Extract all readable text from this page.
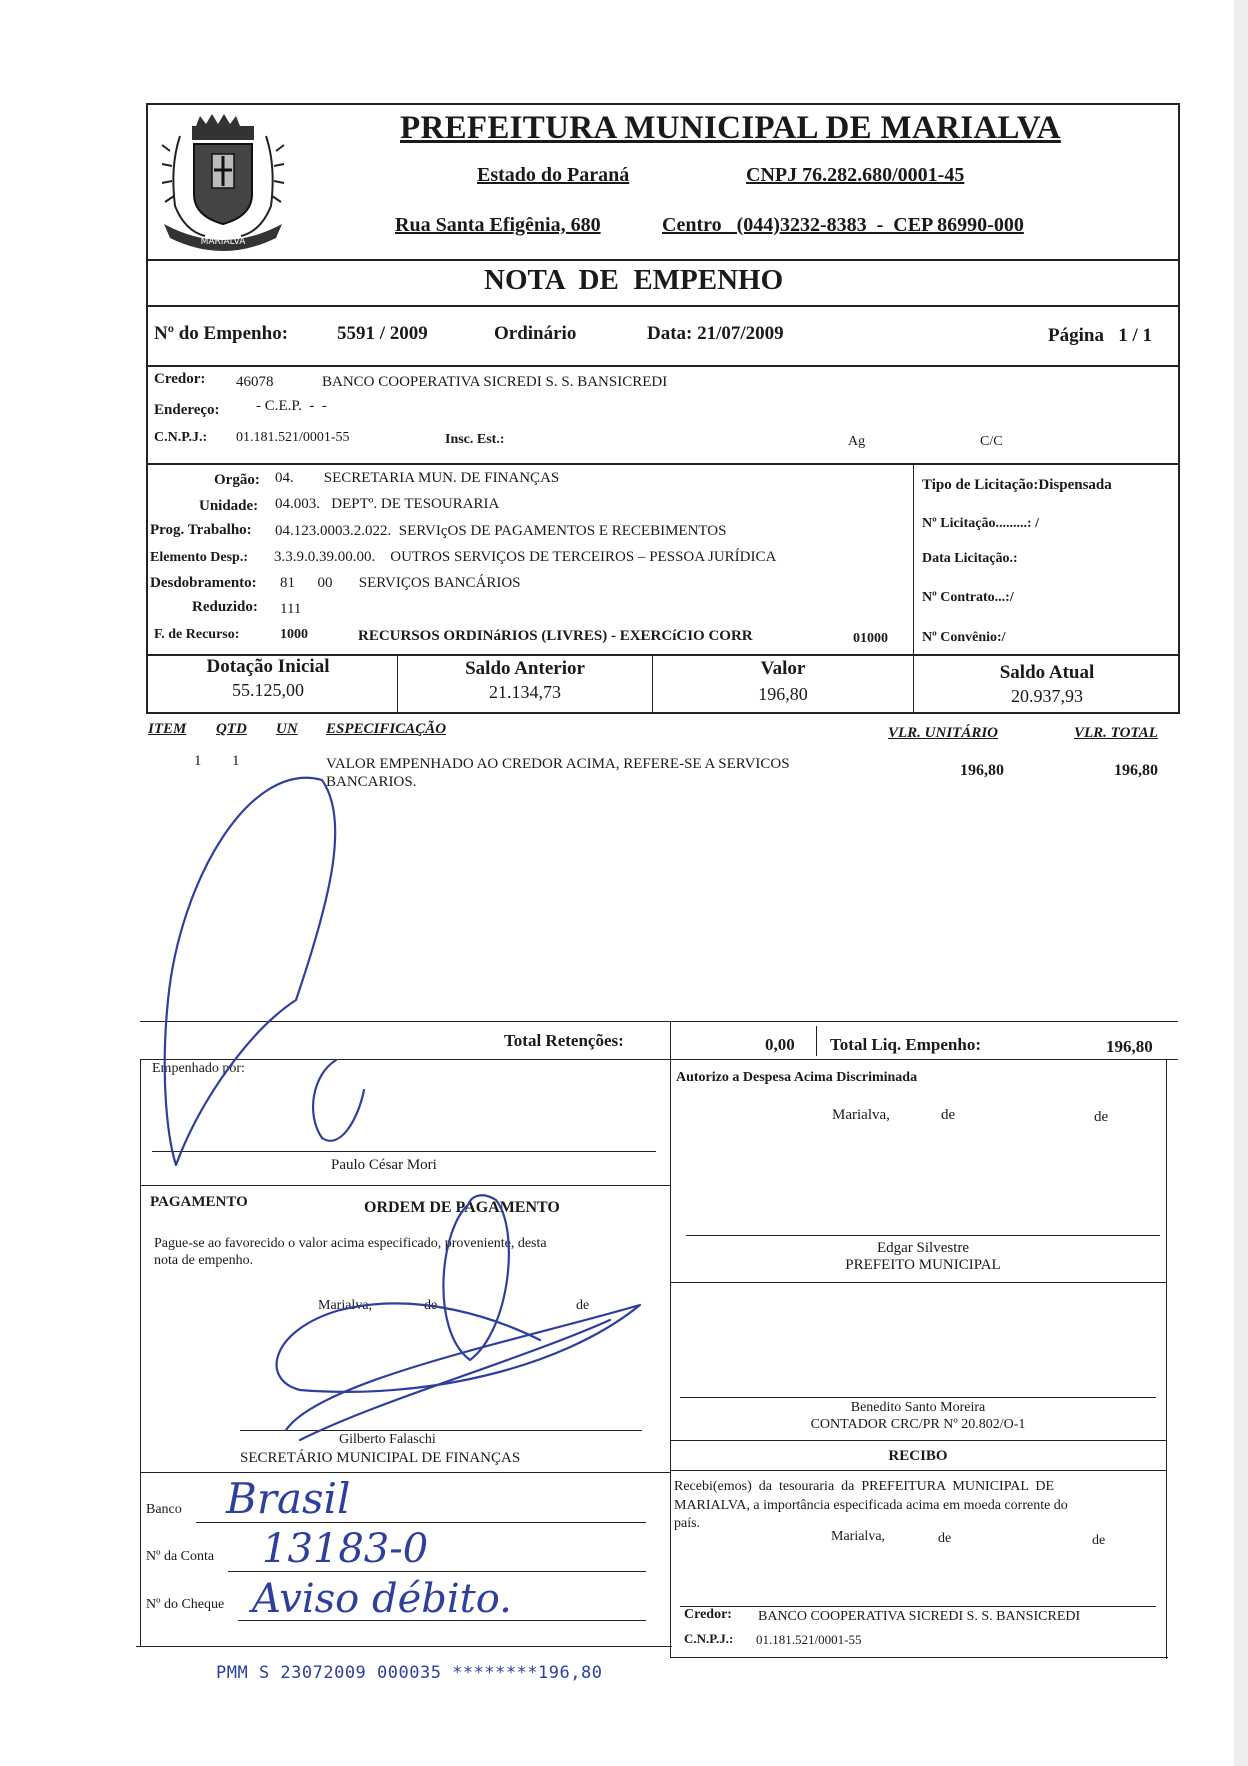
MARIALVA
PREFEITURA MUNICIPAL DE MARIALVA
Estado do Paraná	CNPJ 76.282.680/0001-45
Rua Santa Efigênia, 680	Centro   (044)3232-8383  -  CEP 86990-000
NOTA  DE  EMPENHO
Nº do Empenho:	5591 / 2009	Ordinário	Data: 21/07/2009	Página   1 / 1
Credor: 46078	BANCO COOPERATIVA SICREDI S. S. BANSICREDI
Endereço: - C.E.P.  -  -
C.N.P.J.: 01.181.521/0001-55	Insc. Est.:	Ag	C/C
Orgão: 04.        SECRETARIA MUN. DE FINANÇAS
Unidade: 04.003.   DEPTº. DE TESOURARIA
Prog. Trabalho: 04.123.0003.2.022.  SERVIçOS DE PAGAMENTOS E RECEBIMENTOS
Elemento Desp.: 3.3.9.0.39.00.00.    OUTROS SERVIÇOS DE TERCEIROS – PESSOA JURÍDICA
Desdobramento: 81      00       SERVIÇOS BANCÁRIOS
Reduzido: 111
F. de Recurso:	1000	RECURSOS ORDINáRIOS (LIVRES) - EXERCíCIO CORR	01000
Tipo de Licitação:Dispensada
Nº Licitação.........: /
Data Licitação.:
Nº Contrato...:/
Nº Convênio:/
Dotação Inicial
55.125,00
Saldo Anterior
21.134,73
Valor
196,80
Saldo Atual
20.937,93
ITEM QTD UN ESPECIFICAÇÃO	VLR. UNITÁRIO	VLR. TOTAL
1 1	VALOR EMPENHADO AO CREDOR ACIMA, REFERE-SE A SERVICOS
BANCARIOS.
196,80	196,80
Total Retenções:	0,00 Total Liq. Empenho:	196,80
Empenhado por:
Paulo César Mori
PAGAMENTO	ORDEM DE PAGAMENTO
Pague-se ao favorecido o valor acima especificado, proveniente, desta
nota de empenho.
Marialva,	de	de
Gilberto Falaschi
SECRETÁRIO MUNICIPAL DE FINANÇAS
Banco Brasil
Nº da Conta 13183-0
Nº do Cheque Aviso débito.
Autorizo a Despesa Acima Discriminada
Marialva,	de	de
Edgar Silvestre
PREFEITO MUNICIPAL
Benedito Santo Moreira
CONTADOR CRC/PR Nº 20.802/O-1
RECIBO
Recebi(emos)  da  tesouraria  da  PREFEITURA  MUNICIPAL  DE
MARIALVA, a importância especificada acima em moeda corrente do
país.
Marialva,	de	de
Credor: BANCO COOPERATIVA SICREDI S. S. BANSICREDI
C.N.P.J.: 01.181.521/0001-55
PMM S 23072009 000035 ********196,80
